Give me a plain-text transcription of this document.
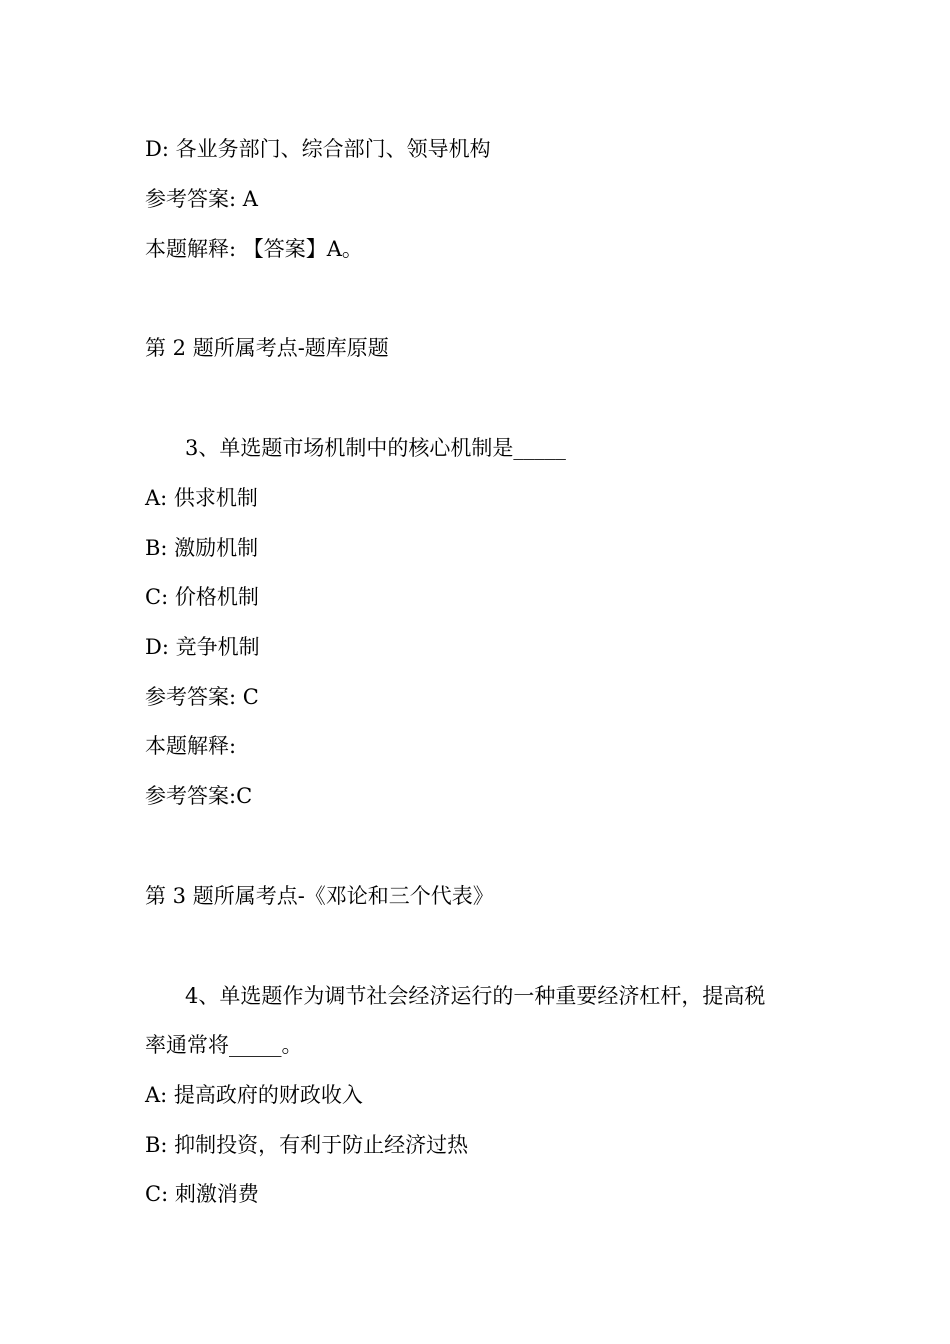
D: 各业务部门、综合部门、领导机构
参考答案: A
本题解释: 【答案】A。
第 2 题所属考点-题库原题
3、单选题市场机制中的核心机制是_____
A: 供求机制
B: 激励机制
C: 价格机制
D: 竞争机制
参考答案: C
本题解释:
参考答案:C
第 3 题所属考点-《邓论和三个代表》
4、单选题作为调节社会经济运行的一种重要经济杠杆，提高税
率通常将_____。
A: 提高政府的财政收入
B: 抑制投资，有利于防止经济过热
C: 刺激消费
